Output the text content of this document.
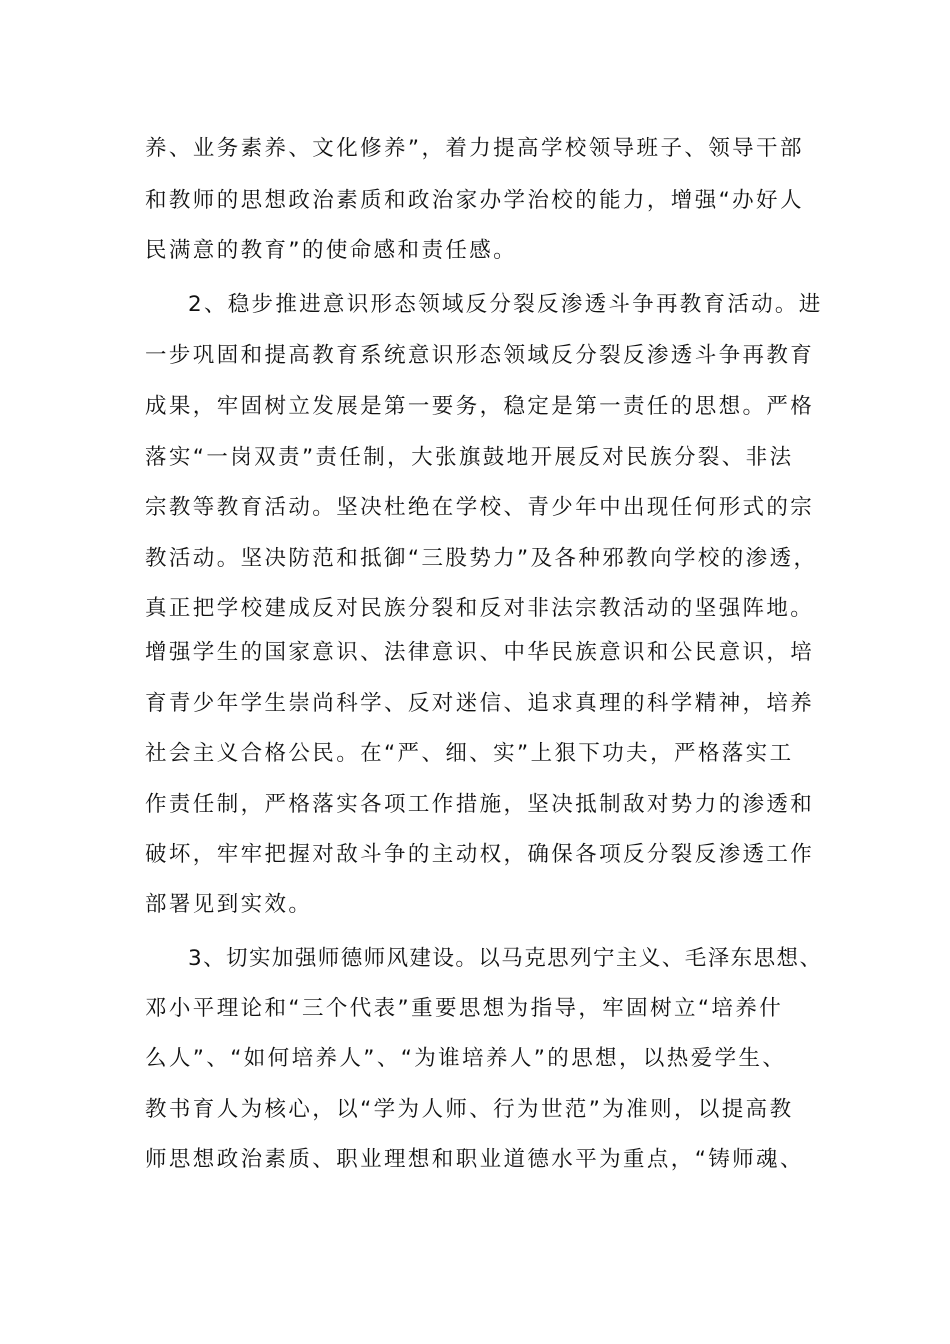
养、业务素养、文化修养”，着力提高学校领导班子、领导干部
和教师的思想政治素质和政治家办学治校的能力，增强“办好人
民满意的教育”的使命感和责任感。
2、稳步推进意识形态领域反分裂反渗透斗争再教育活动。进
一步巩固和提高教育系统意识形态领域反分裂反渗透斗争再教育
成果，牢固树立发展是第一要务，稳定是第一责任的思想。严格
落实“一岗双责”责任制，大张旗鼓地开展反对民族分裂、非法
宗教等教育活动。坚决杜绝在学校、青少年中出现任何形式的宗
教活动。坚决防范和抵御“三股势力”及各种邪教向学校的渗透，
真正把学校建成反对民族分裂和反对非法宗教活动的坚强阵地。
增强学生的国家意识、法律意识、中华民族意识和公民意识，培
育青少年学生崇尚科学、反对迷信、追求真理的科学精神，培养
社会主义合格公民。在“严、细、实”上狠下功夫，严格落实工
作责任制，严格落实各项工作措施，坚决抵制敌对势力的渗透和
破坏，牢牢把握对敌斗争的主动权，确保各项反分裂反渗透工作
部署见到实效。
3、切实加强师德师风建设。以马克思列宁主义、毛泽东思想、
邓小平理论和“三个代表”重要思想为指导，牢固树立“培养什
么人”、“如何培养人”、“为谁培养人”的思想，以热爱学生、
教书育人为核心，以“学为人师、行为世范”为准则，以提高教
师思想政治素质、职业理想和职业道德水平为重点，“铸师魂、
